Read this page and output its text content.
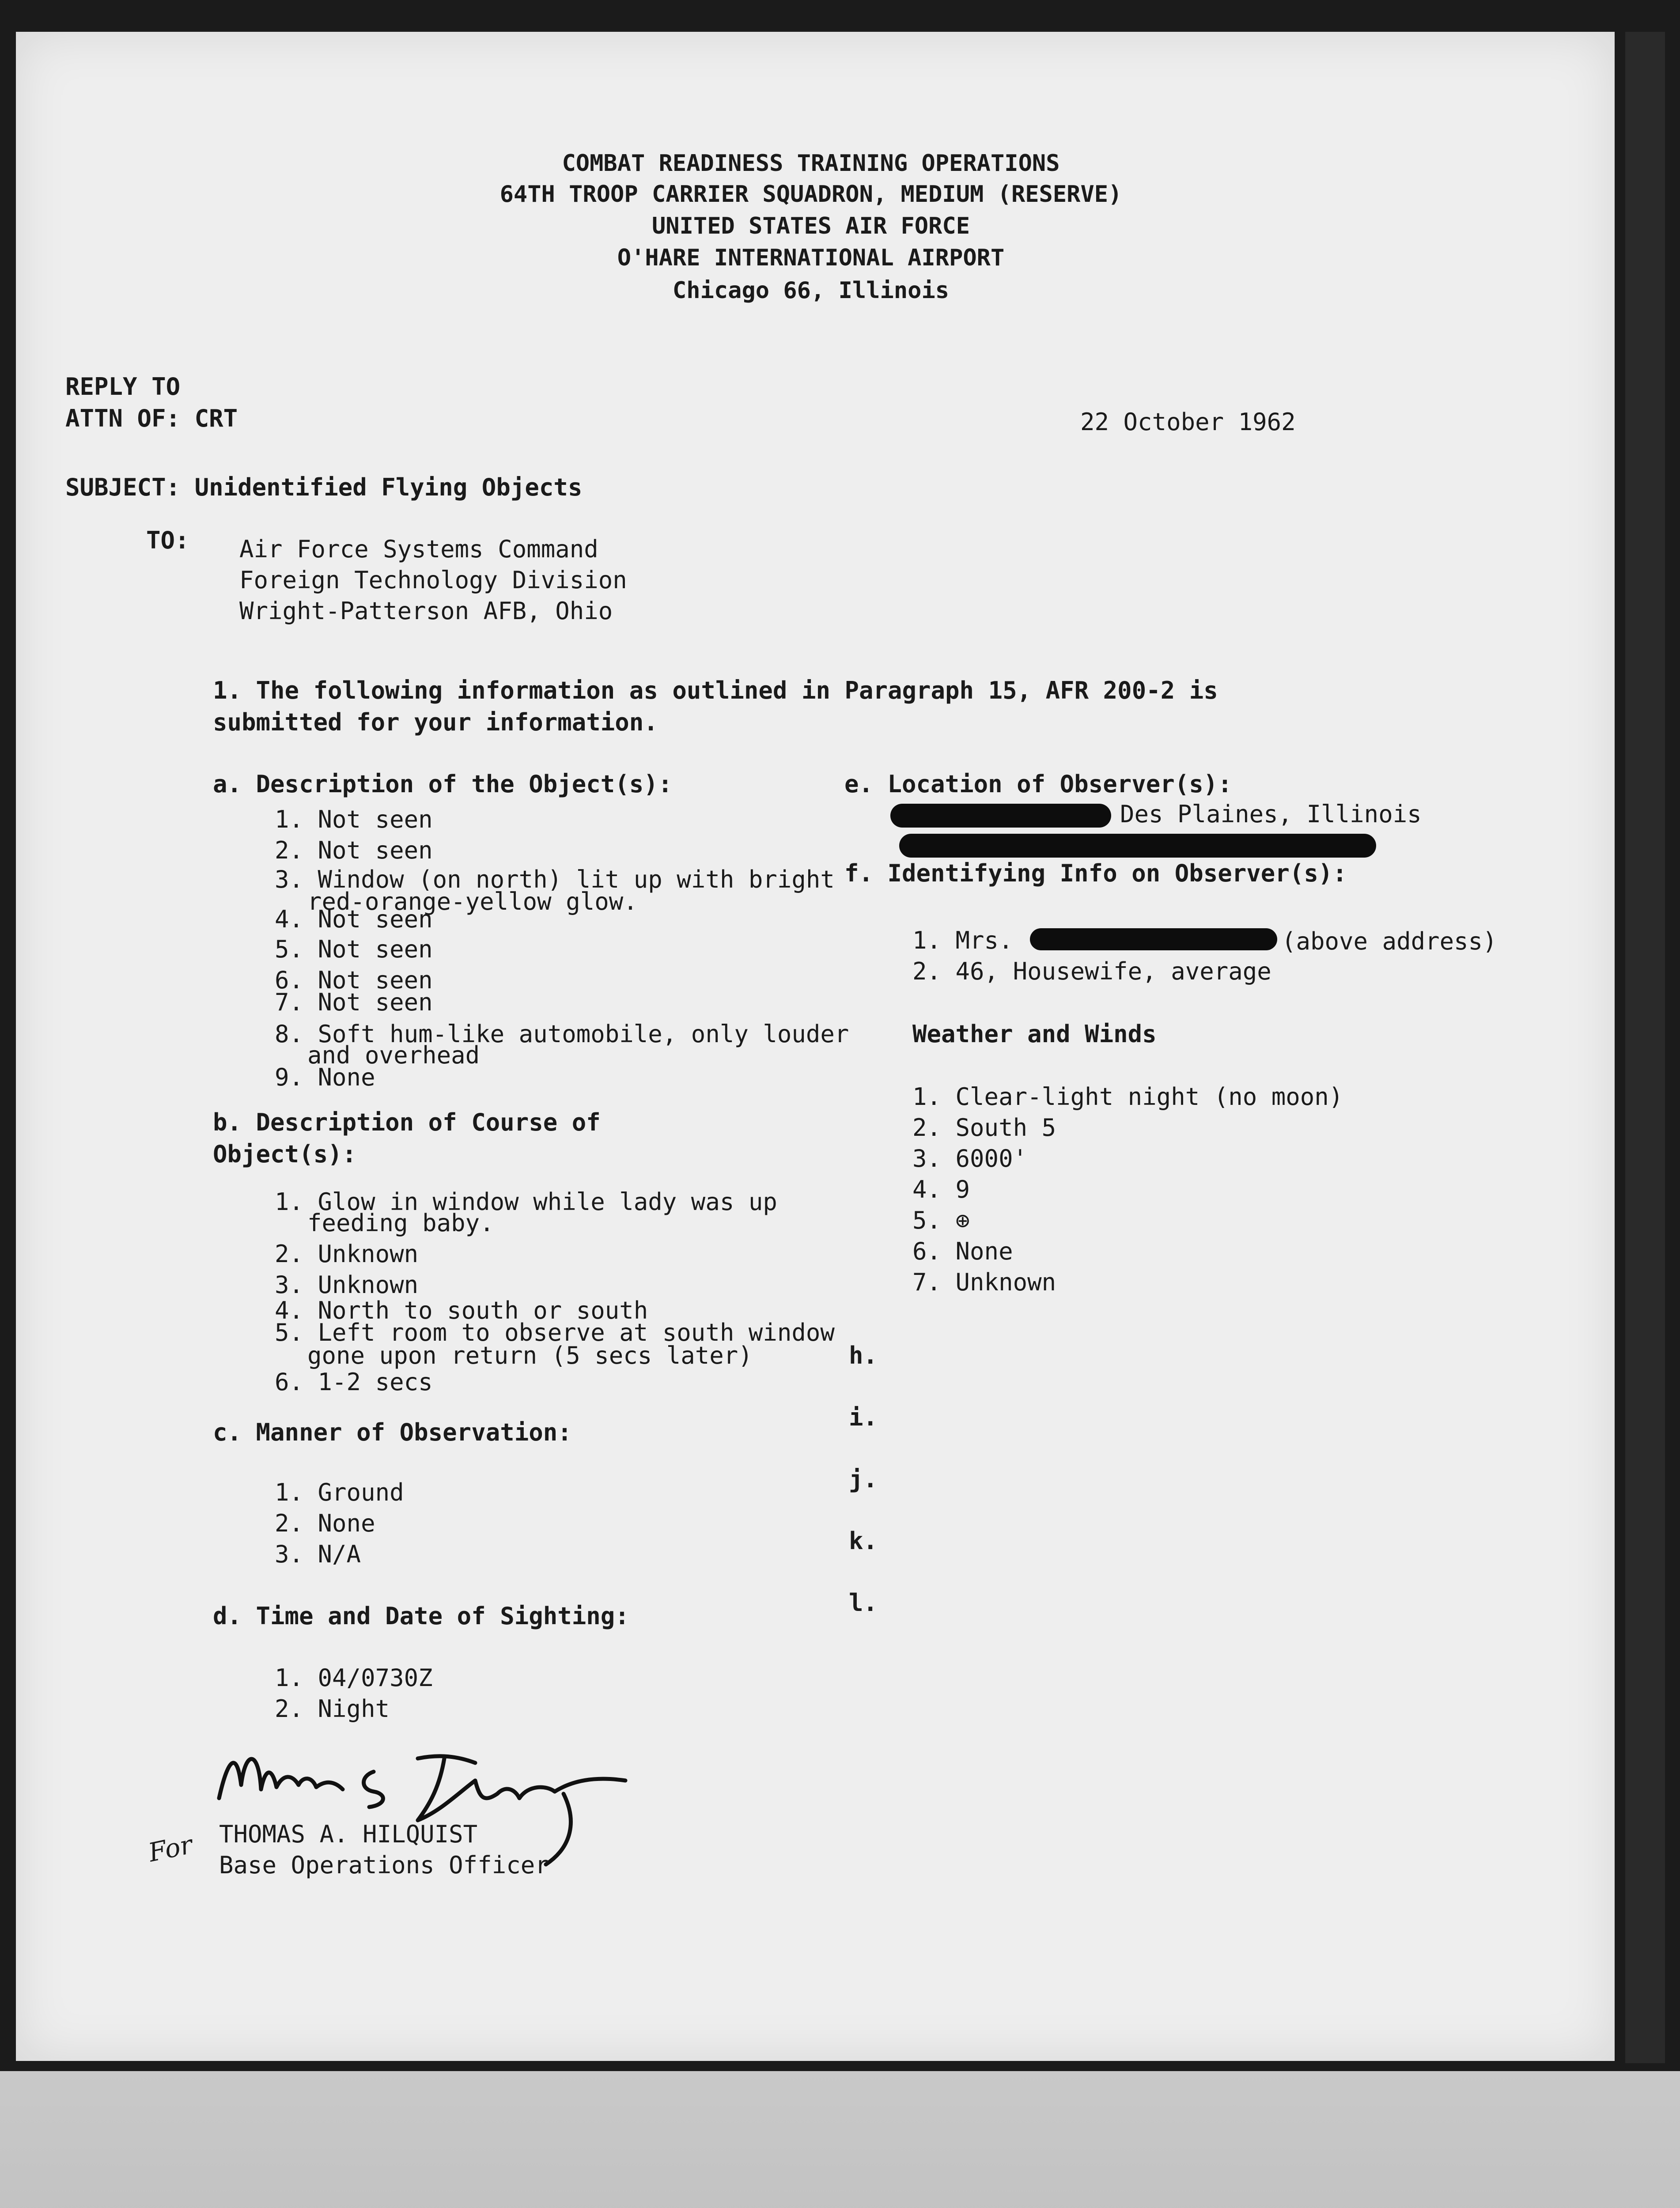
COMBAT READINESS TRAINING OPERATIONS
64TH TROOP CARRIER SQUADRON, MEDIUM (RESERVE)
UNITED STATES AIR FORCE
O'HARE INTERNATIONAL AIRPORT
Chicago 66, Illinois
REPLY TO
ATTN OF: CRT	22 October 1962
SUBJECT: Unidentified Flying Objects
TO: Air Force Systems Command
Foreign Technology Division
Wright-Patterson AFB, Ohio
1. The following information as outlined in Paragraph 15, AFR 200-2 is
submitted for your information.
a. Description of the Object(s):
1. Not seen
2. Not seen
3. Window (on north) lit up with bright
red-orange-yellow glow.
4. Not seen
5. Not seen
6. Not seen
7. Not seen
8. Soft hum-like automobile, only louder
and overhead
9. None
b. Description of Course of
Object(s):
1. Glow in window while lady was up
feeding baby.
2. Unknown
3. Unknown
4. North to south or south
5. Left room to observe at south window
gone upon return (5 secs later)
6. 1-2 secs
c. Manner of Observation:
1. Ground
2. None
3. N/A
d. Time and Date of Sighting:
1. 04/0730Z
2. Night
e. Location of Observer(s):
Des Plaines, Illinois
f. Identifying Info on Observer(s):
1. Mrs.	(above address)
2. 46, Housewife, average
Weather and Winds
1. Clear-light night (no moon)
2. South 5
3. 6000'
4. 9
5. ⊕
6. None
7. Unknown
h.
i.
j.
k.
l.
For THOMAS A. HILQUIST
Base Operations Officer
